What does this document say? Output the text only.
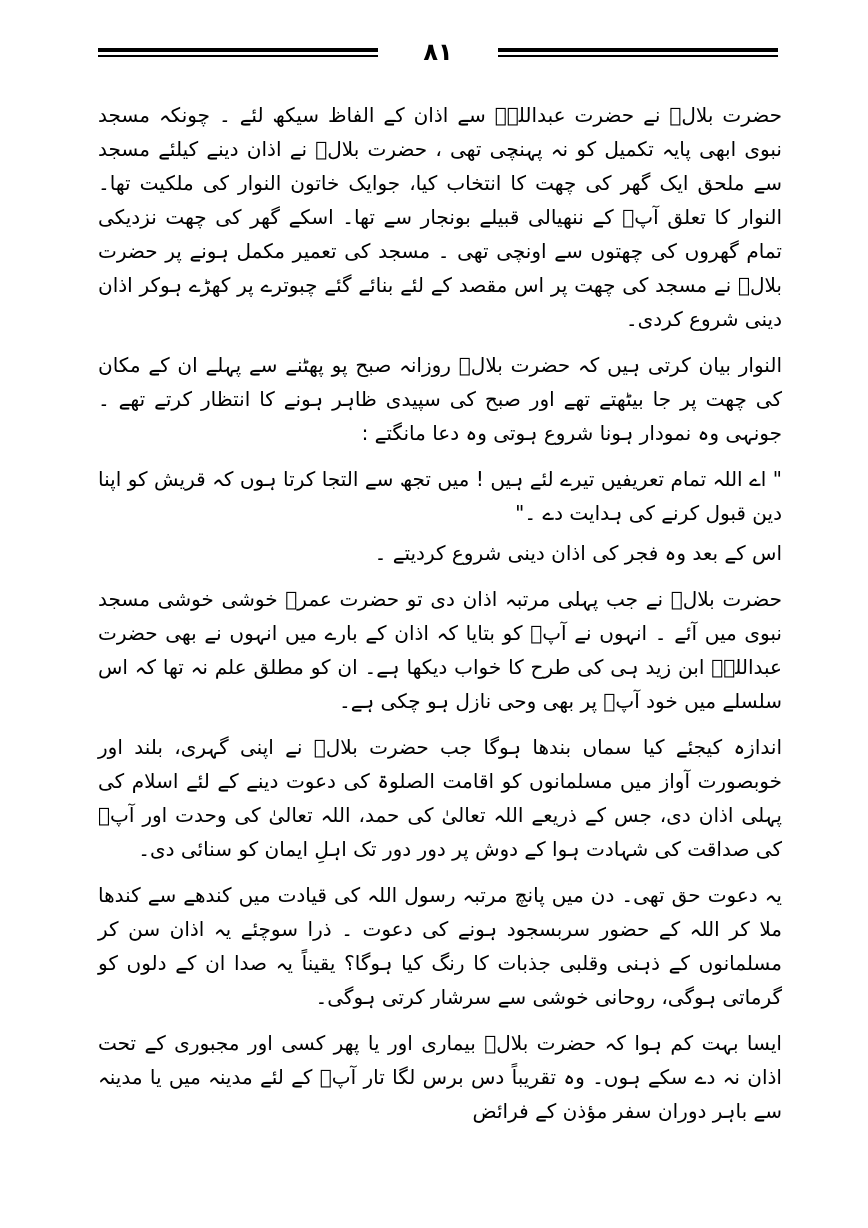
۸۱

حضرت بلالؓ نے حضرت عبداللہؓ سے اذان کے الفاظ سیکھ لئے ۔ چونکہ مسجد نبوی ابھی پایہ تکمیل کو نہ پہنچی تھی ، حضرت بلالؓ نے اذان دینے کیلئے مسجد سے ملحق ایک گھر کی چھت کا انتخاب کیا، جوایک خاتون النوار کی ملکیت تھا۔ النوار کا تعلق آپؐ کے ننھیالی قبیلے بونجار سے تھا۔ اسکے گھر کی چھت نزدیکی تمام گھروں کی چھتوں سے اونچی تھی ۔ مسجد کی تعمیر مکمل ہونے پر حضرت بلالؓ نے مسجد کی چھت پر اس مقصد کے لئے بنائے گئے چبوترے پر کھڑے ہوکر اذان دینی شروع کردی۔

النوار بیان کرتی ہیں کہ حضرت بلالؓ روزانہ صبح پو پھٹنے سے پہلے ان کے مکان کی چھت پر جا بیٹھتے تھے اور صبح کی سپیدی ظاہر ہونے کا انتظار کرتے تھے ۔ جونہی وہ نمودار ہونا شروع ہوتی وہ دعا مانگتے :

" اے اللہ تمام تعریفیں تیرے لئے ہیں ! میں تجھ سے التجا کرتا ہوں کہ قریش کو اپنا دین قبول کرنے کی ہدایت دے ۔"

اس کے بعد وہ فجر کی اذان دینی شروع کردیتے ۔

حضرت بلالؓ نے جب پہلی مرتبہ اذان دی تو حضرت عمرؓ خوشی خوشی مسجد نبوی میں آئے ۔ انہوں نے آپؐ کو بتایا کہ اذان کے بارے میں انہوں نے بھی حضرت عبداللہؓ ابن زید ہی کی طرح کا خواب دیکھا ہے۔ ان کو مطلق علم نہ تھا کہ اس سلسلے میں خود آپؐ پر بھی وحی نازل ہو چکی ہے۔

اندازہ کیجئے کیا سماں بندھا ہوگا جب حضرت بلالؓ نے اپنی گہری، بلند اور خوبصورت آواز میں مسلمانوں کو اقامت الصلوۃ کی دعوت دینے کے لئے اسلام کی پہلی اذان دی، جس کے ذریعے اللہ تعالیٰ کی حمد، اللہ تعالیٰ کی وحدت اور آپؐ کی صداقت کی شہادت ہوا کے دوش پر دور دور تک اہلِ ایمان کو سنائی دی۔

یہ دعوت حق تھی۔ دن میں پانچ مرتبہ رسول اللہ کی قیادت میں کندھے سے کندھا ملا کر اللہ کے حضور سربسجود ہونے کی دعوت ۔ ذرا سوچئے یہ اذان سن کر مسلمانوں کے ذہنی وقلبی جذبات کا رنگ کیا ہوگا؟ یقیناً یہ صدا ان کے دلوں کو گرماتی ہوگی، روحانی خوشی سے سرشار کرتی ہوگی۔

ایسا بہت کم ہوا کہ حضرت بلالؓ بیماری اور یا پھر کسی اور مجبوری کے تحت اذان نہ دے سکے ہوں۔ وہ تقریباً دس برس لگا تار آپؐ کے لئے مدینہ میں یا مدینہ سے باہر دوران سفر مؤذن کے فرائض
